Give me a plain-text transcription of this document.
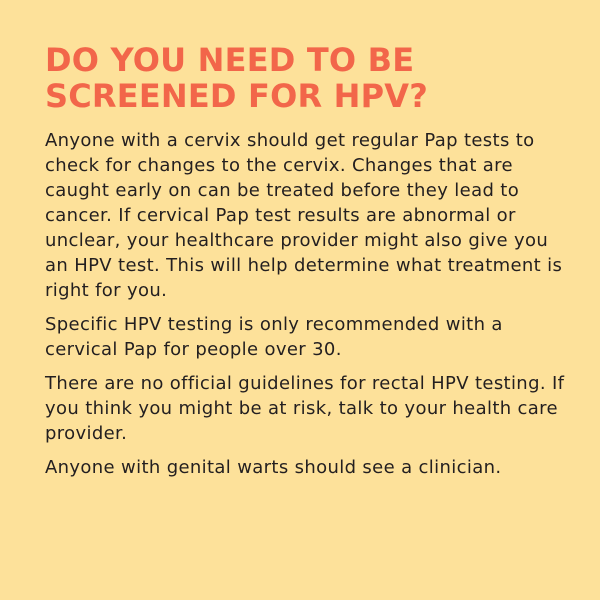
DO YOU NEED TO BE
SCREENED FOR HPV?

Anyone with a cervix should get regular Pap tests to check for changes to the cervix. Changes that are caught early on can be treated before they lead to cancer. If cervical Pap test results are abnormal or unclear, your healthcare provider might also give you an HPV test. This will help determine what treatment is right for you.

Specific HPV testing is only recommended with a cervical Pap for people over 30.

There are no official guidelines for rectal HPV testing. If you think you might be at risk, talk to your health care provider.

Anyone with genital warts should see a clinician.
